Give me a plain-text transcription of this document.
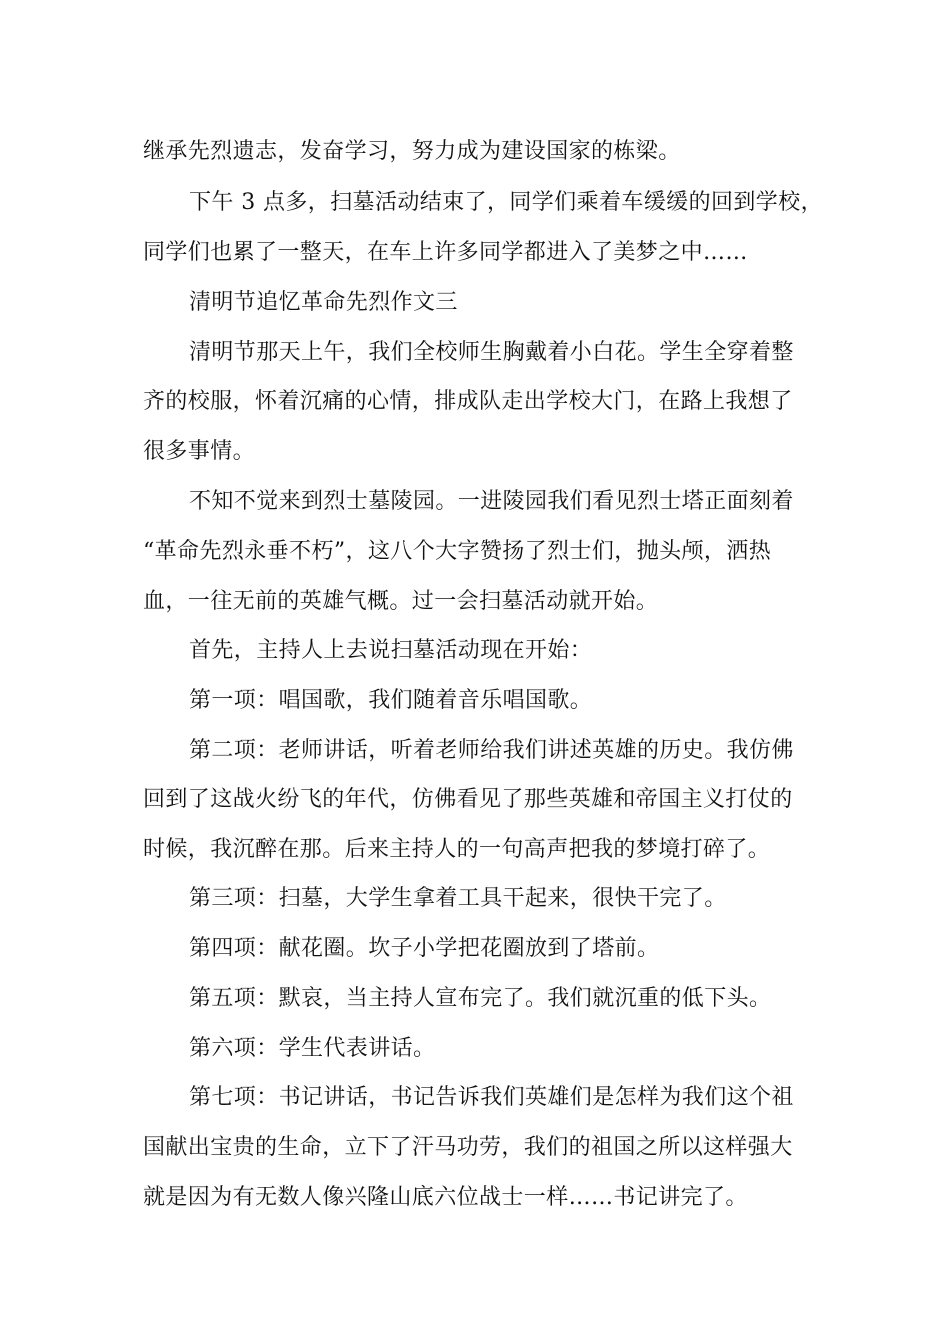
继承先烈遗志，发奋学习，努力成为建设国家的栋梁。

下午 3 点多，扫墓活动结束了，同学们乘着车缓缓的回到学校，

同学们也累了一整天，在车上许多同学都进入了美梦之中……

清明节追忆革命先烈作文三

清明节那天上午，我们全校师生胸戴着小白花。学生全穿着整

齐的校服，怀着沉痛的心情，排成队走出学校大门，在路上我想了

很多事情。

不知不觉来到烈士墓陵园。一进陵园我们看见烈士塔正面刻着

“革命先烈永垂不朽”，这八个大字赞扬了烈士们，抛头颅，洒热

血，一往无前的英雄气概。过一会扫墓活动就开始。

首先，主持人上去说扫墓活动现在开始：

第一项：唱国歌，我们随着音乐唱国歌。

第二项：老师讲话，听着老师给我们讲述英雄的历史。我仿佛

回到了这战火纷飞的年代，仿佛看见了那些英雄和帝国主义打仗的

时候，我沉醉在那。后来主持人的一句高声把我的梦境打碎了。

第三项：扫墓，大学生拿着工具干起来，很快干完了。

第四项：献花圈。坎子小学把花圈放到了塔前。

第五项：默哀，当主持人宣布完了。我们就沉重的低下头。

第六项：学生代表讲话。

第七项：书记讲话，书记告诉我们英雄们是怎样为我们这个祖

国献出宝贵的生命，立下了汗马功劳，我们的祖国之所以这样强大

就是因为有无数人像兴隆山底六位战士一样……书记讲完了。
